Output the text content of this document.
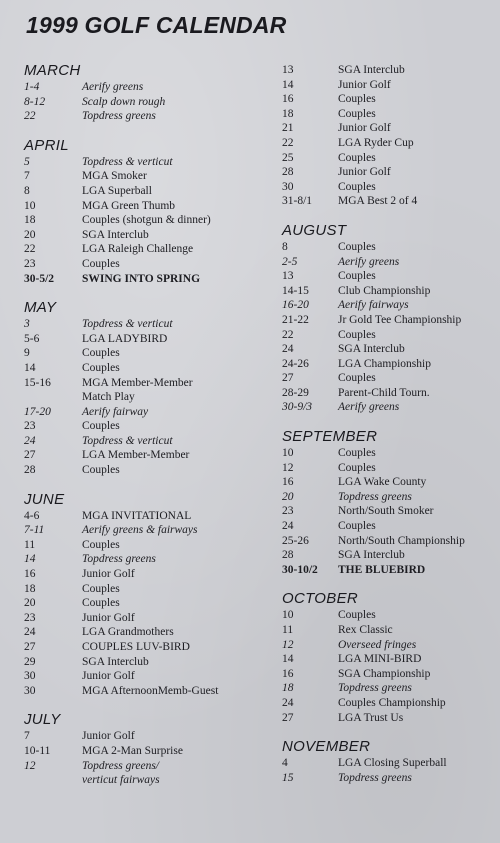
1999 GOLF CALENDAR
MARCH
1-4	Aerify greens
8-12	Scalp down rough
22	Topdress greens
APRIL
5	Topdress & verticut
7	MGA Smoker
8	LGA Superball
10	MGA Green Thumb
18	Couples (shotgun & dinner)
20	SGA Interclub
22	LGA Raleigh Challenge
23	Couples
30-5/2	SWING INTO SPRING
MAY
3	Topdress & verticut
5-6	LGA LADYBIRD
9	Couples
14	Couples
15-16	MGA Member-Member
Match Play
17-20	Aerify fairway
23	Couples
24	Topdress & verticut
27	LGA Member-Member
28	Couples
JUNE
4-6	MGA INVITATIONAL
7-11	Aerify greens & fairways
11	Couples
14	Topdress greens
16	Junior Golf
18	Couples
20	Couples
23	Junior Golf
24	LGA Grandmothers
27	COUPLES LUV-BIRD
29	SGA Interclub
30	Junior Golf
30	MGA AfternoonMemb-Guest
JULY
7	Junior Golf
10-11	MGA 2-Man Surprise
12	Topdress greens/
verticut fairways
13	SGA Interclub
14	Junior Golf
16	Couples
18	Couples
21	Junior Golf
22	LGA Ryder Cup
25	Couples
28	Junior Golf
30	Couples
31-8/1	MGA Best 2 of 4
AUGUST
8	Couples
2-5	Aerify greens
13	Couples
14-15	Club Championship
16-20	Aerify fairways
21-22	Jr Gold Tee Championship
22	Couples
24	SGA Interclub
24-26	LGA Championship
27	Couples
28-29	Parent-Child Tourn.
30-9/3	Aerify greens
SEPTEMBER
10	Couples
12	Couples
16	LGA Wake County
20	Topdress greens
23	North/South Smoker
24	Couples
25-26	North/South Championship
28	SGA Interclub
30-10/2	THE BLUEBIRD
OCTOBER
10	Couples
11	Rex Classic
12	Overseed fringes
14	LGA MINI-BIRD
16	SGA Championship
18	Topdress greens
24	Couples Championship
27	LGA Trust Us
NOVEMBER
4	LGA Closing Superball
15	Topdress greens
